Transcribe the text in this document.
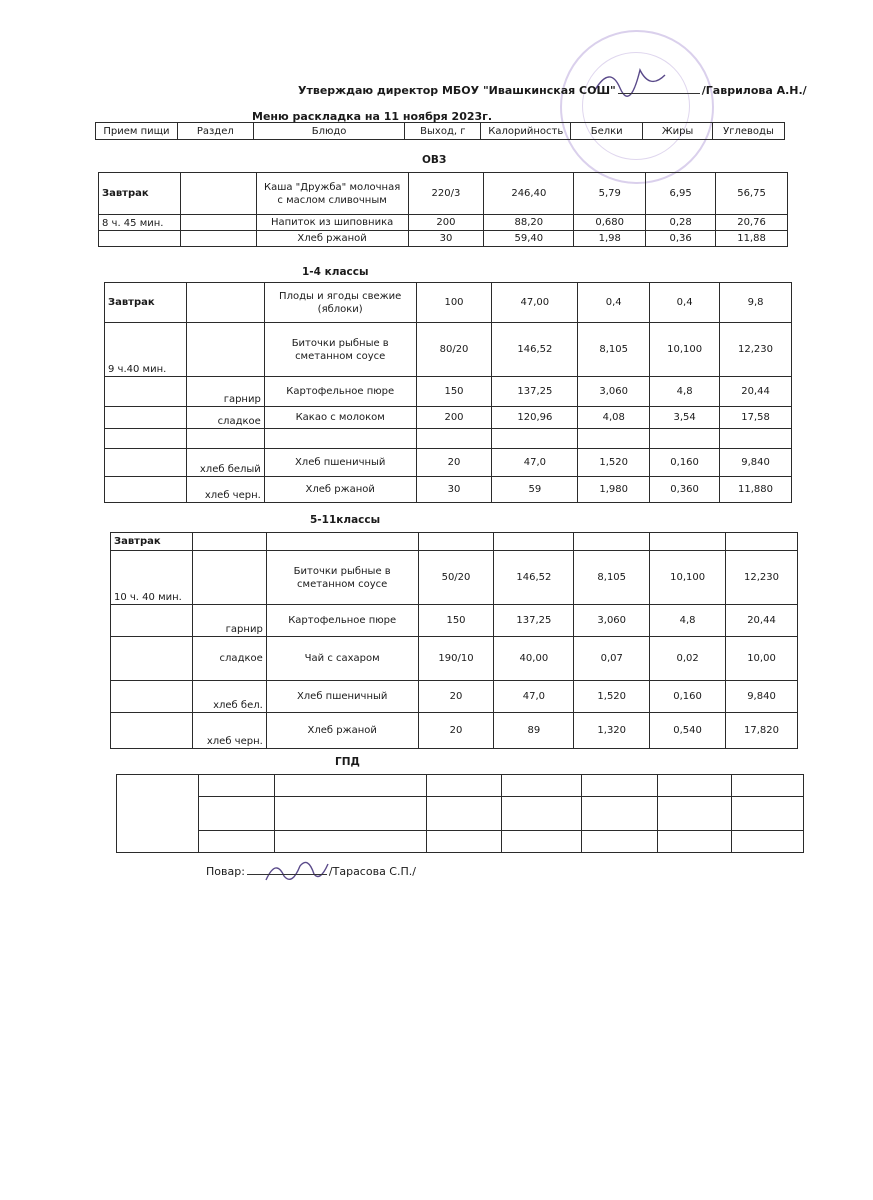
Утверждаю директор МБОУ "Ивашкинская СОШ"	/Гаврилова А.Н./
Меню раскладка на 11 ноября 2023г.
Прием пищи	Раздел	Блюдо	Выход, г	Калорийность	Белки	Жиры	Углеводы
ОВЗ
Завтрак		Каша "Дружба" молочная с маслом сливочным	220/3	246,40	5,79	6,95	56,75
8 ч. 45 мин.		Напиток из шиповника	200	88,20	0,680	0,28	20,76
		Хлеб ржаной	30	59,40	1,98	0,36	11,88
1-4 классы
Завтрак		Плоды и ягоды свежие (яблоки)	100	47,00	0,4	0,4	9,8
9 ч.40 мин.		Биточки рыбные в сметанном соусе	80/20	146,52	8,105	10,100	12,230
	гарнир	Картофельное пюре	150	137,25	3,060	4,8	20,44
	сладкое	Какао с молоком	200	120,96	4,08	3,54	17,58

	хлеб белый	Хлеб пшеничный	20	47,0	1,520	0,160	9,840
	хлеб черн.	Хлеб ржаной	30	59	1,980	0,360	11,880
5-11классы
Завтрак							
10 ч. 40 мин.		Биточки рыбные в сметанном соусе	50/20	146,52	8,105	10,100	12,230
	гарнир	Картофельное пюре	150	137,25	3,060	4,8	20,44
	сладкое	Чай с сахаром	190/10	40,00	0,07	0,02	10,00
	хлеб бел.	Хлеб пшеничный	20	47,0	1,520	0,160	9,840
	хлеб черн.	Хлеб ржаной	20	89	1,320	0,540	17,820
ГПД

Повар:	/Тарасова С.П./
